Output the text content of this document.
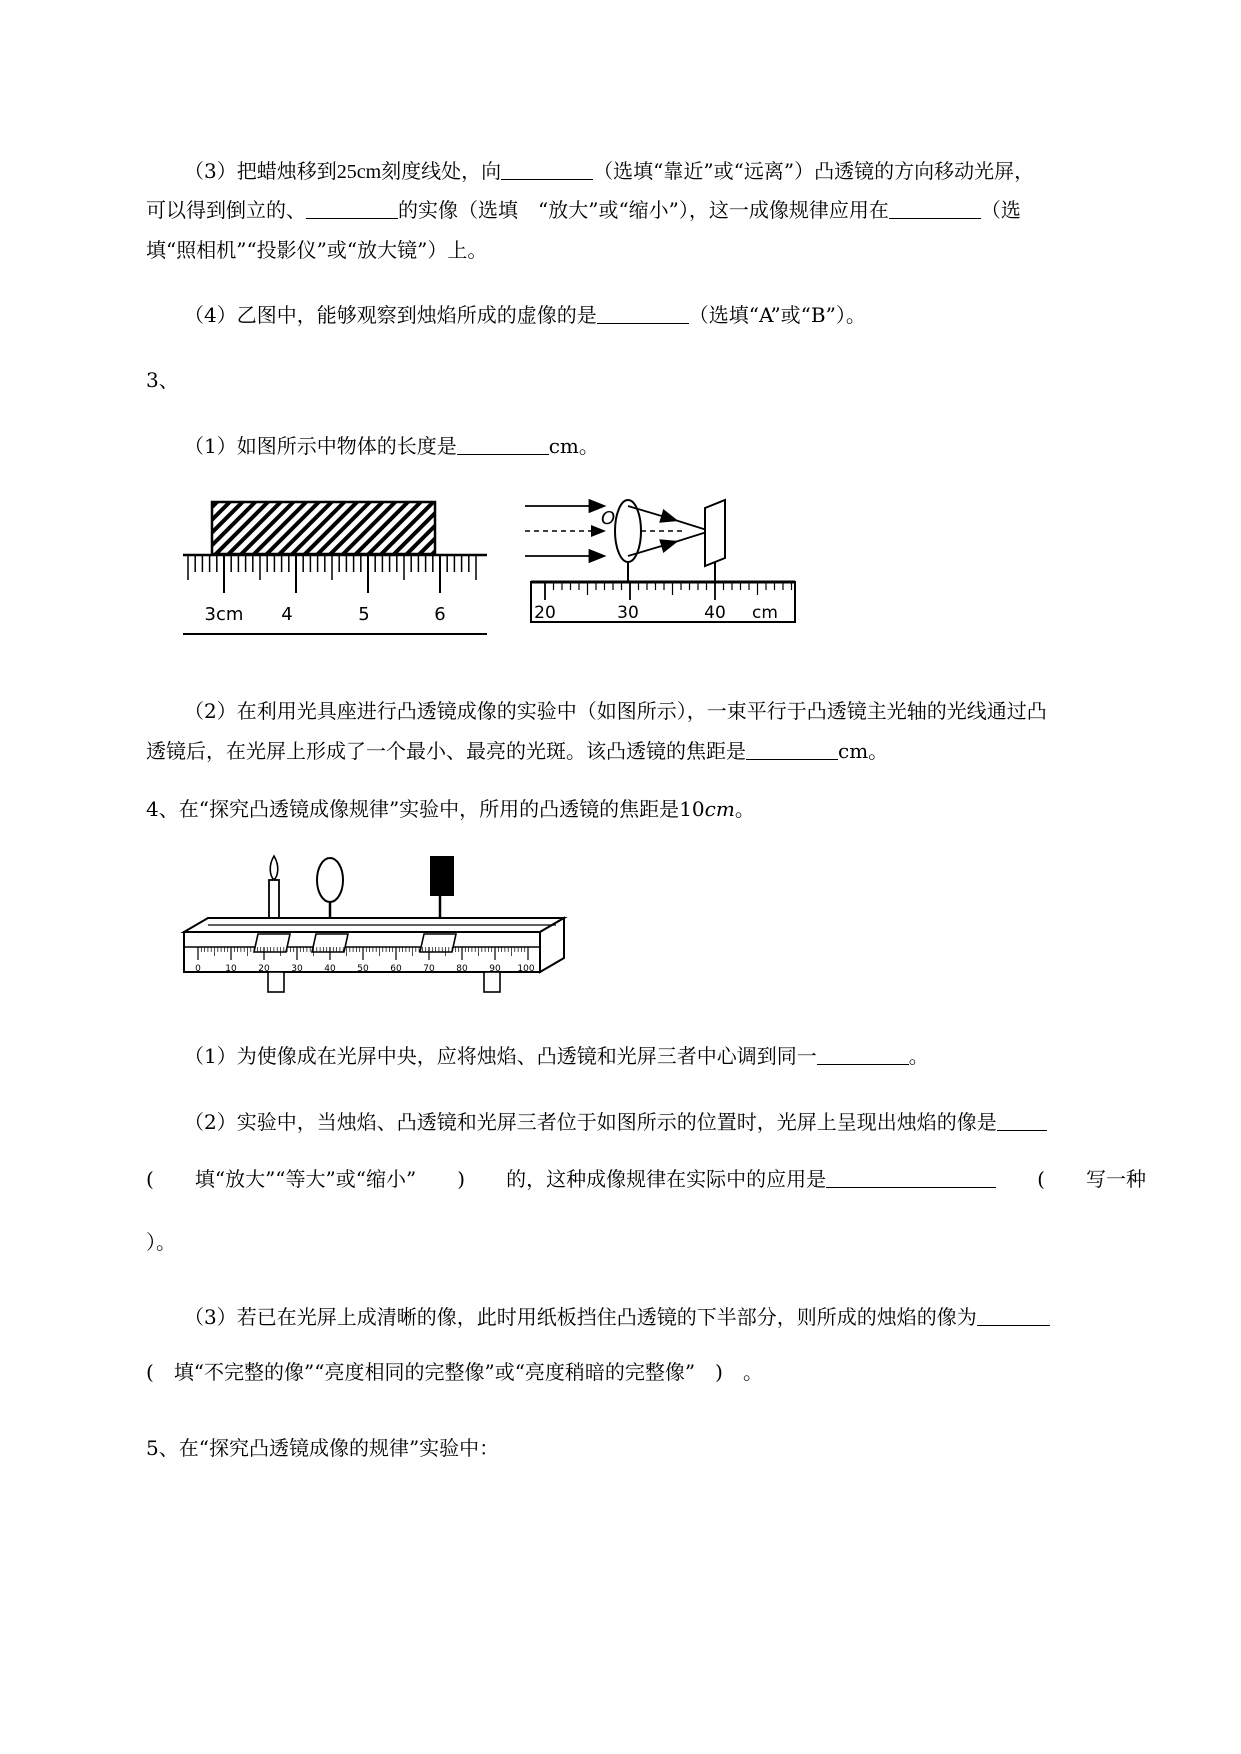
（3）把蜡烛移到25cm刻度线处，向	（选填“靠近”或“远离”）凸透镜的方向移动光屏，
可以得到倒立的、	的实像（选填　“放大”或“缩小”），这一成像规律应用在	（选
填“照相机”“投影仪”或“放大镜”）上。
（4）乙图中，能够观察到烛焰所成的虚像的是	（选填“A”或“B”）。
3、
（1）如图所示中物体的长度是	cm。
3cm 4	5	6
O
20	30	40 cm
（2）在利用光具座进行凸透镜成像的实验中（如图所示），一束平行于凸透镜主光轴的光线通过凸
透镜后，在光屏上形成了一个最小、最亮的光斑。该凸透镜的焦距是	cm。
4、在“探究凸透镜成像规律”实验中，所用的凸透镜的焦距是10cm。
0	10 20 30 40 50 60 70 80 90 100
（1）为使像成在光屏中央，应将烛焰、凸透镜和光屏三者中心调到同一	。
（2）实验中，当烛焰、凸透镜和光屏三者位于如图所示的位置时，光屏上呈现出烛焰的像是
( 填“放大”“等大”或“缩小” ) 的，这种成像规律在实际中的应用是	( 写一种
）。
（3）若已在光屏上成清晰的像，此时用纸板挡住凸透镜的下半部分，则所成的烛焰的像为
(　 填“不完整的像”“亮度相同的完整像”或“亮度稍暗的完整像”　 )　 。
5、在“探究凸透镜成像的规律”实验中：
